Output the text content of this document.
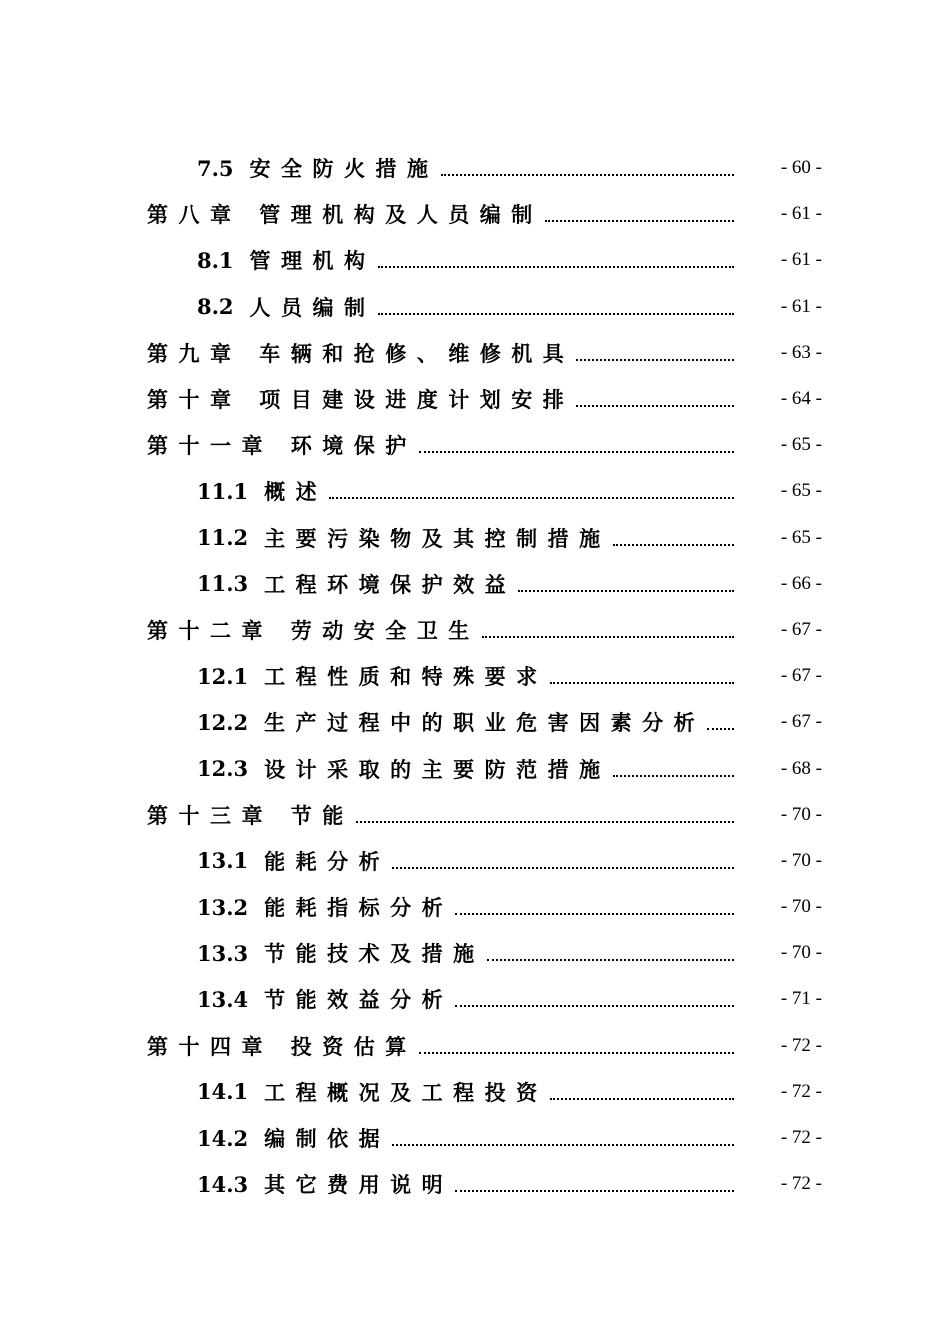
7.5 安全防火措施	- 60 -
第八章 管理机构及人员编制	- 61 -
8.1 管理机构	- 61 -
8.2 人员编制	- 61 -
第九章 车辆和抢修、维修机具	- 63 -
第十章 项目建设进度计划安排	- 64 -
第十一章 环境保护	- 65 -
11.1 概述	- 65 -
11.2 主要污染物及其控制措施	- 65 -
11.3 工程环境保护效益	- 66 -
第十二章 劳动安全卫生	- 67 -
12.1 工程性质和特殊要求	- 67 -
12.2 生产过程中的职业危害因素分析	- 67 -
12.3 设计采取的主要防范措施	- 68 -
第十三章 节能	- 70 -
13.1 能耗分析	- 70 -
13.2 能耗指标分析	- 70 -
13.3 节能技术及措施	- 70 -
13.4 节能效益分析	- 71 -
第十四章 投资估算	- 72 -
14.1 工程概况及工程投资	- 72 -
14.2 编制依据	- 72 -
14.3 其它费用说明	- 72 -
